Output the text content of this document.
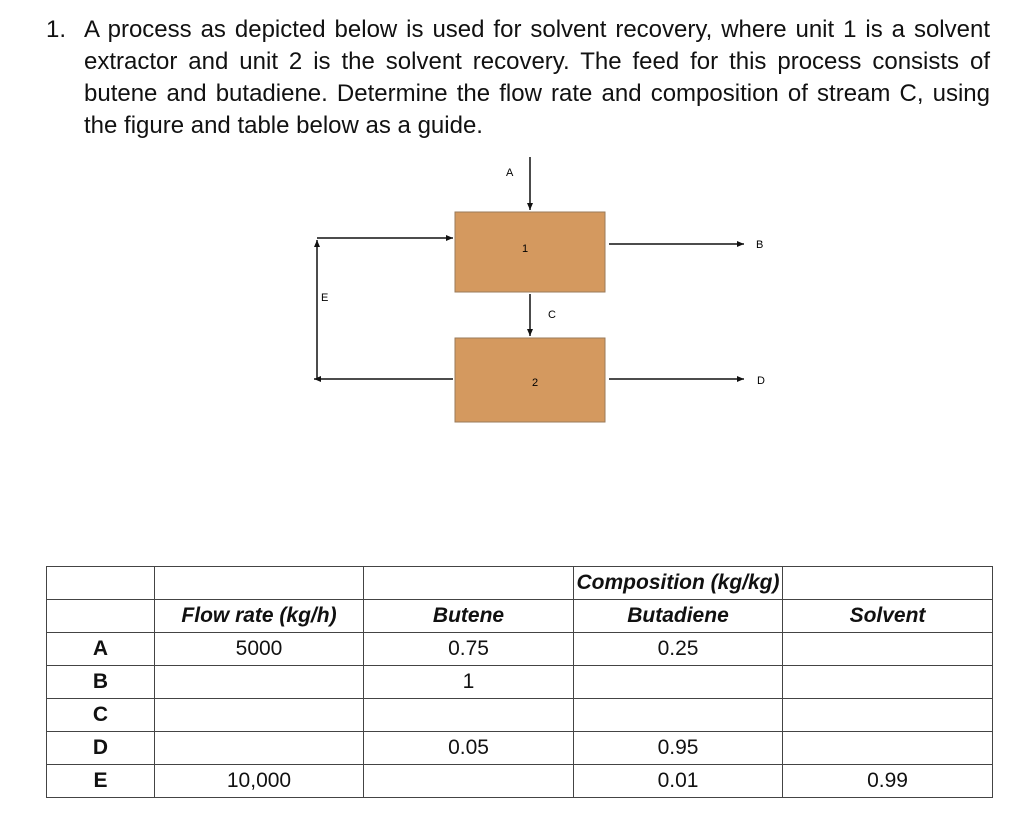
1. A process as depicted below is used for solvent recovery, where unit 1 is a solvent extractor and unit 2 is the solvent recovery. The feed for this process consists of butene and butadiene. Determine the flow rate and composition of stream C, using the figure and table below as a guide.
1
2
A
B
C
D
E
			Composition (kg/kg)	
	Flow rate (kg/h)	Butene	Butadiene	Solvent
A	5000	0.75	0.25	
B		1		
C				
D		0.05	0.95	
E	10,000		0.01	0.99
